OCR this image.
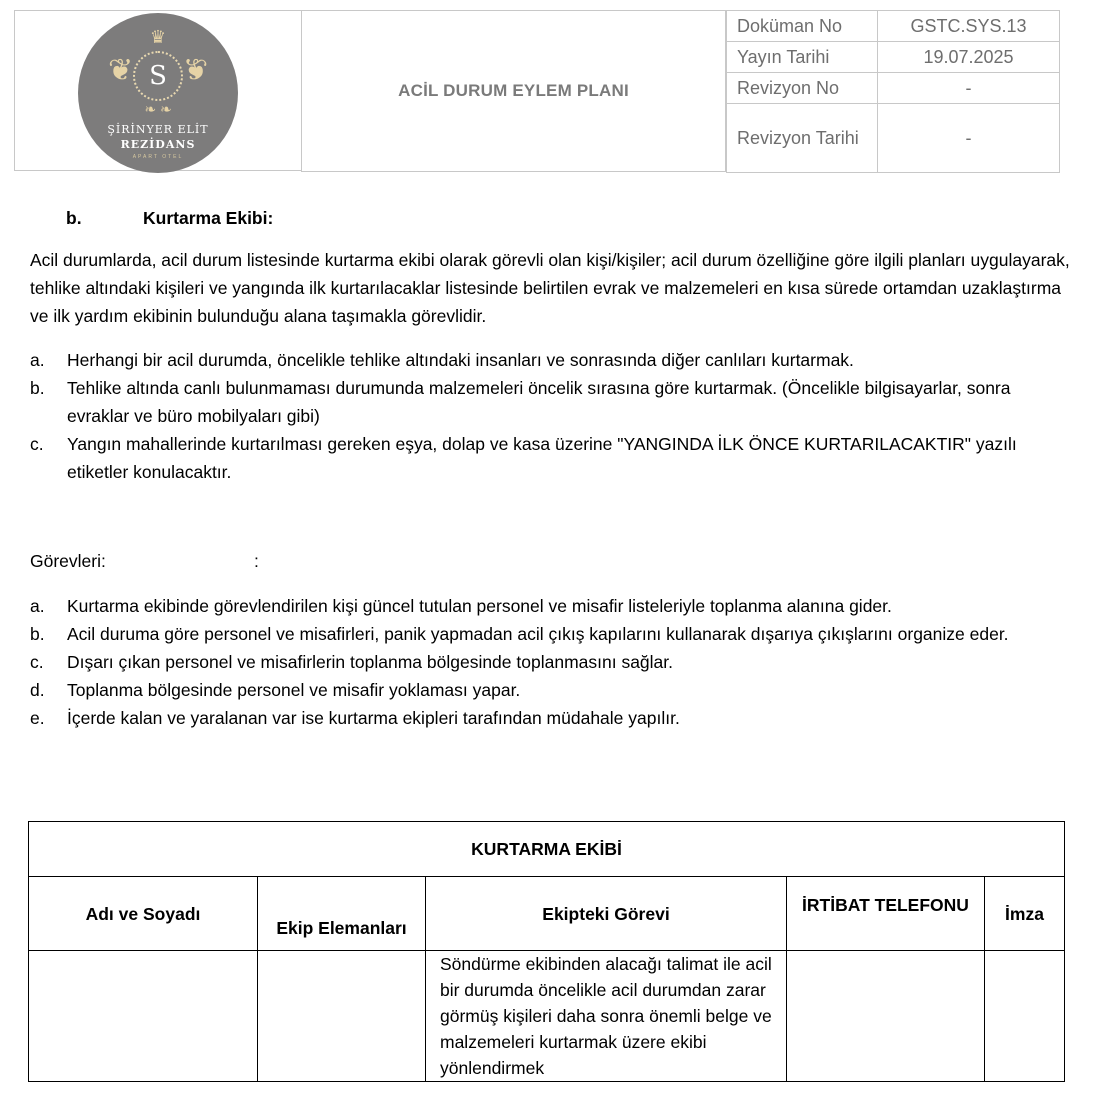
♛
❦ ❦
S
❧ ❧
ŞİRİNYER ELİT
REZİDANS
APART OTEL
ACİL DURUM EYLEM PLANI
Doküman No	GSTC.SYS.13
Yayın Tarihi	19.07.2025
Revizyon No	-
Revizyon Tarihi	-
b.	Kurtarma Ekibi:
Acil durumlarda, acil durum listesinde kurtarma ekibi olarak görevli olan kişi/kişiler; acil durum özelliğine göre ilgili planları uygulayarak, tehlike altındaki kişileri ve yangında ilk kurtarılacaklar listesinde belirtilen evrak ve malzemeleri en kısa sürede ortamdan uzaklaştırma ve ilk yardım ekibinin bulunduğu alana taşımakla görevlidir.
a. Herhangi bir acil durumda, öncelikle tehlike altındaki insanları ve sonrasında diğer canlıları kurtarmak.
b. Tehlike altında canlı bulunmaması durumunda malzemeleri öncelik sırasına göre kurtarmak. (Öncelikle bilgisayarlar, sonra evraklar ve büro mobilyaları gibi)
c. Yangın mahallerinde kurtarılması gereken eşya, dolap ve kasa üzerine "YANGINDA İLK ÖNCE KURTARILACAKTIR" yazılı etiketler konulacaktır.
Görevleri:	:
a. Kurtarma ekibinde görevlendirilen kişi güncel tutulan personel ve misafir listeleriyle toplanma alanına gider.
b. Acil duruma göre personel ve misafirleri, panik yapmadan acil çıkış kapılarını kullanarak dışarıya çıkışlarını organize eder.
c. Dışarı çıkan personel ve misafirlerin toplanma bölgesinde toplanmasını sağlar.
d. Toplanma bölgesinde personel ve misafir yoklaması yapar.
e. İçerde kalan ve yaralanan var ise kurtarma ekipleri tarafından müdahale yapılır.
KURTARMA EKİBİ				
Adı ve Soyadı	Ekip Elemanları	Ekipteki Görevi	İRTİBAT TELEFONU	İmza
		Söndürme ekibinden alacağı talimat ile acil bir durumda öncelikle acil durumdan zarar görmüş kişileri daha sonra önemli belge ve malzemeleri kurtarmak üzere ekibi yönlendirmek		
